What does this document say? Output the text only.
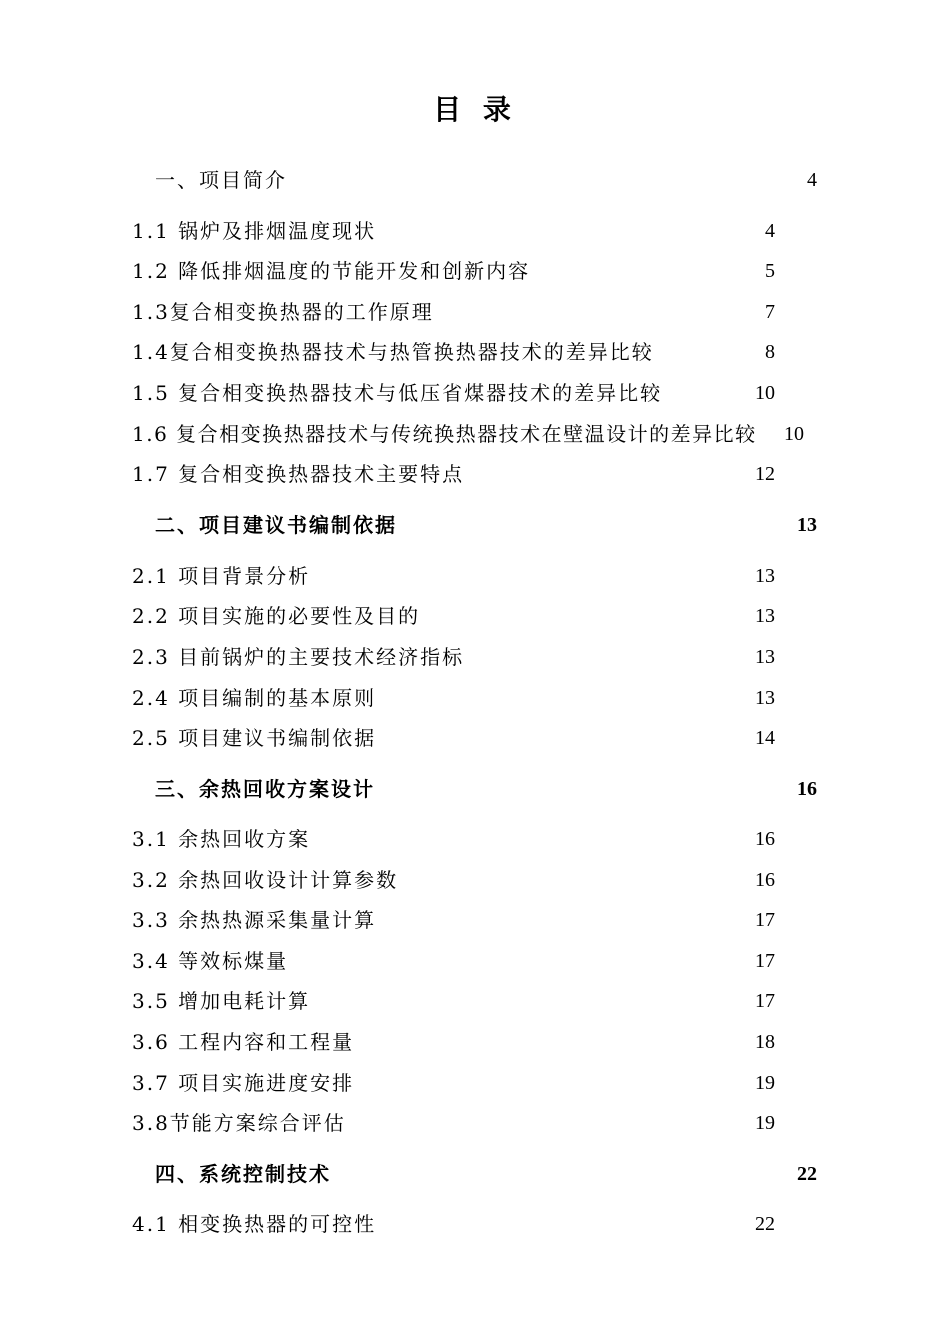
目 录
一、项目简介	4
1.1 锅炉及排烟温度现状	4
1.2 降低排烟温度的节能开发和创新内容	5
1.3复合相变换热器的工作原理	7
1.4复合相变换热器技术与热管换热器技术的差异比较	8
1.5 复合相变换热器技术与低压省煤器技术的差异比较	10
1.6 复合相变换热器技术与传统换热器技术在壁温设计的差异比较 10
1.7 复合相变换热器技术主要特点	12
二、项目建议书编制依据	13
2.1 项目背景分析	13
2.2 项目实施的必要性及目的	13
2.3 目前锅炉的主要技术经济指标	13
2.4 项目编制的基本原则	13
2.5 项目建议书编制依据	14
三、余热回收方案设计	16
3.1 余热回收方案	16
3.2 余热回收设计计算参数	16
3.3 余热热源采集量计算	17
3.4 等效标煤量	17
3.5 增加电耗计算	17
3.6 工程内容和工程量	18
3.7 项目实施进度安排	19
3.8节能方案综合评估	19
四、系统控制技术	22
4.1 相变换热器的可控性	22
